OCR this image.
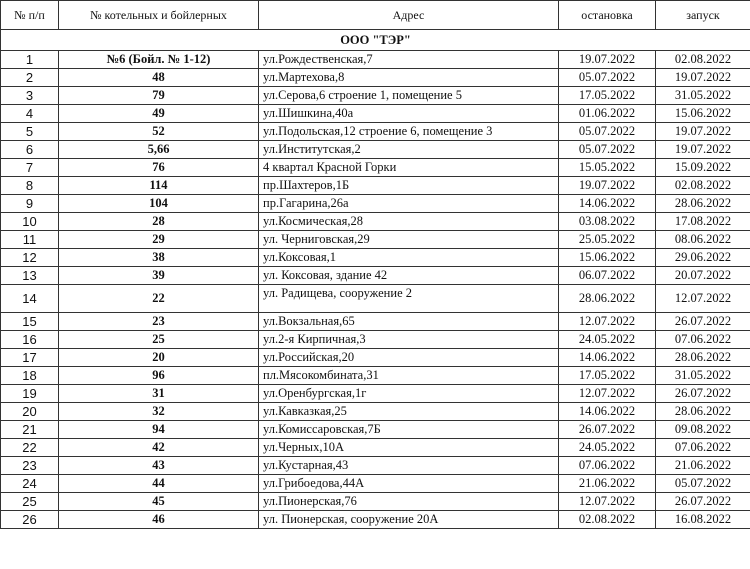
№ п/п	№ котельных и бойлерных	Адрес	остановка	запуск
ООО "ТЭР"				
1	№6 (Бойл. № 1-12)	ул.Рождественская,7	19.07.2022	02.08.2022
2	48	ул.Мартехова,8	05.07.2022	19.07.2022
3	79	ул.Серова,6 строение 1, помещение 5	17.05.2022	31.05.2022
4	49	ул.Шишкина,40а	01.06.2022	15.06.2022
5	52	ул.Подольская,12 строение 6, помещение 3	05.07.2022	19.07.2022
6	5,66	ул.Институтская,2	05.07.2022	19.07.2022
7	76	4 квартал Красной Горки	15.05.2022	15.09.2022
8	114	пр.Шахтеров,1Б	19.07.2022	02.08.2022
9	104	пр.Гагарина,26а	14.06.2022	28.06.2022
10	28	ул.Космическая,28	03.08.2022	17.08.2022
11	29	ул. Черниговская,29	25.05.2022	08.06.2022
12	38	ул.Коксовая,1	15.06.2022	29.06.2022
13	39	ул. Коксовая, здание 42	06.07.2022	20.07.2022
14	22	ул. Радищева, сооружение 2	28.06.2022	12.07.2022
15	23	ул.Вокзальная,65	12.07.2022	26.07.2022
16	25	ул.2-я Кирпичная,3	24.05.2022	07.06.2022
17	20	ул.Российская,20	14.06.2022	28.06.2022
18	96	пл.Мясокомбината,31	17.05.2022	31.05.2022
19	31	ул.Оренбургская,1г	12.07.2022	26.07.2022
20	32	ул.Кавказкая,25	14.06.2022	28.06.2022
21	94	ул.Комиссаровская,7Б	26.07.2022	09.08.2022
22	42	ул.Черных,10А	24.05.2022	07.06.2022
23	43	ул.Кустарная,43	07.06.2022	21.06.2022
24	44	ул.Грибоедова,44А	21.06.2022	05.07.2022
25	45	ул.Пионерская,76	12.07.2022	26.07.2022
26	46	ул. Пионерская, сооружение 20А	02.08.2022	16.08.2022
